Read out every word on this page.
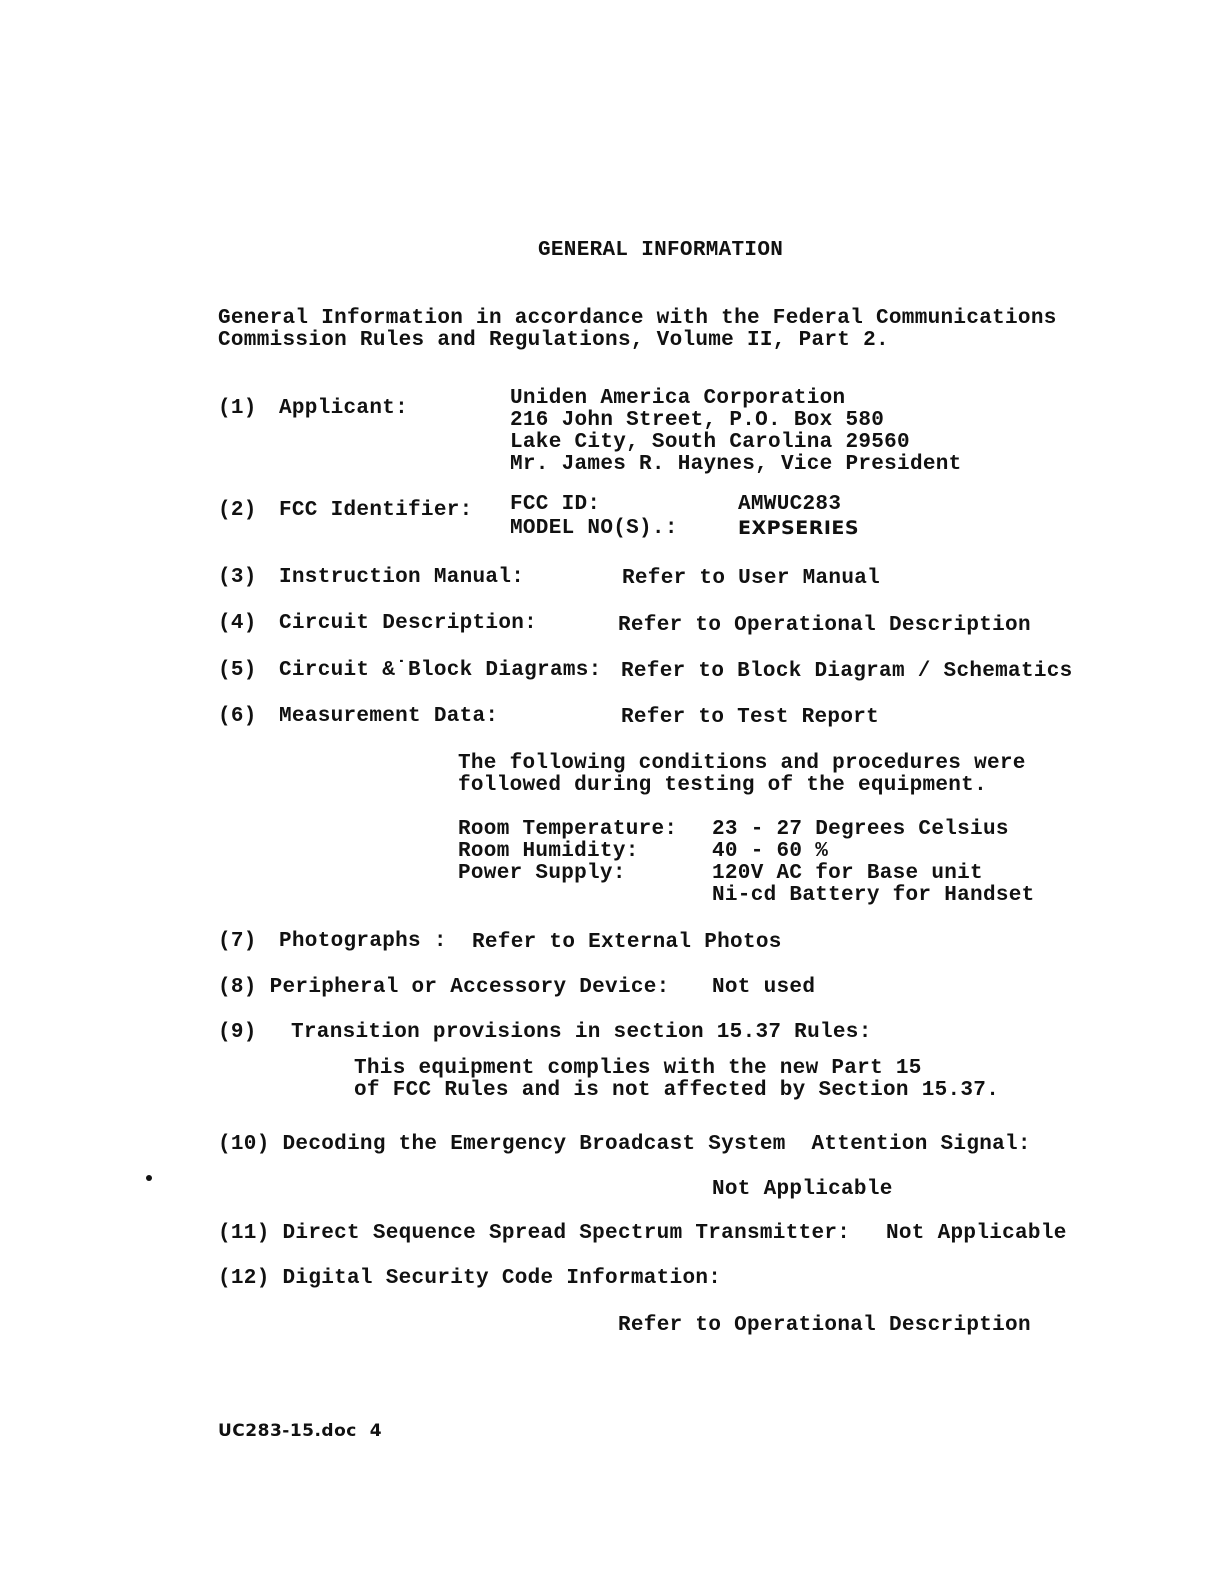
GENERAL INFORMATION
General Information in accordance with the Federal Communications
Commission Rules and Regulations, Volume II, Part 2.
(1) Applicant:	Uniden America Corporation
216 John Street, P.O. Box 580
Lake City, South Carolina 29560
Mr. James R. Haynes, Vice President
(2) FCC Identifier: FCC ID:	AMWUC283
MODEL NO(S).:	EXPSERIES
(3) Instruction Manual:	Refer to User Manual
(4) Circuit Description:	Refer to Operational Description
(5) Circuit &˙Block Diagrams: Refer to Block Diagram / Schematics
(6) Measurement Data:	Refer to Test Report
The following conditions and procedures were
followed during testing of the equipment.
Room Temperature: 23 - 27 Degrees Celsius
Room Humidity:	40 - 60 %
Power Supply:	120V AC for Base unit
Ni-cd Battery for Handset
(7) Photographs : Refer to External Photos
(8) Peripheral or Accessory Device: Not used
(9) Transition provisions in section 15.37 Rules:
This equipment complies with the new Part 15
of FCC Rules and is not affected by Section 15.37.
(10) Decoding the Emergency Broadcast System  Attention Signal:
Not Applicable
(11) Direct Sequence Spread Spectrum Transmitter: Not Applicable
(12) Digital Security Code Information:
Refer to Operational Description
UC283-15.doc  4
